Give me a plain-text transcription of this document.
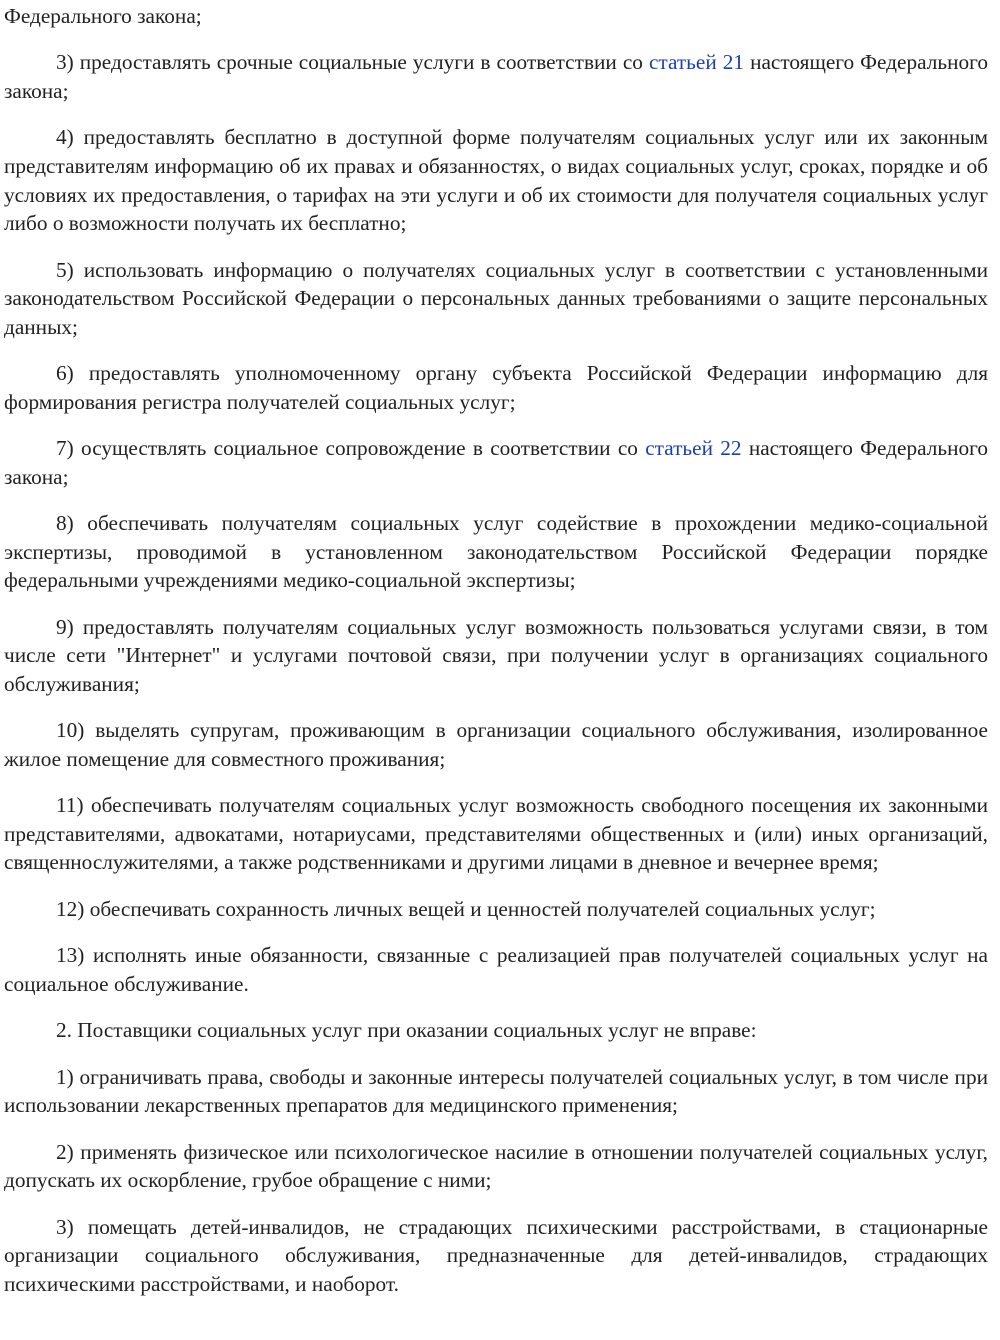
Федерального закона;

3) предоставлять срочные социальные услуги в соответствии со статьей 21 настоящего Федерального закона;

4) предоставлять бесплатно в доступной форме получателям социальных услуг или их законным представителям информацию об их правах и обязанностях, о видах социальных услуг, сроках, порядке и об условиях их предоставления, о тарифах на эти услуги и об их стоимости для получателя социальных услуг либо о возможности получать их бесплатно;

5) использовать информацию о получателях социальных услуг в соответствии с установленными законодательством Российской Федерации о персональных данных требованиями о защите персональных данных;

6) предоставлять уполномоченному органу субъекта Российской Федерации информацию для формирования регистра получателей социальных услуг;

7) осуществлять социальное сопровождение в соответствии со статьей 22 настоящего Федерального закона;

8) обеспечивать получателям социальных услуг содействие в прохождении медико-социальной экспертизы, проводимой в установленном законодательством Российской Федерации порядке федеральными учреждениями медико-социальной экспертизы;

9) предоставлять получателям социальных услуг возможность пользоваться услугами связи, в том числе сети "Интернет" и услугами почтовой связи, при получении услуг в организациях социального обслуживания;

10) выделять супругам, проживающим в организации социального обслуживания, изолированное жилое помещение для совместного проживания;

11) обеспечивать получателям социальных услуг возможность свободного посещения их законными представителями, адвокатами, нотариусами, представителями общественных и (или) иных организаций, священнослужителями, а также родственниками и другими лицами в дневное и вечернее время;

12) обеспечивать сохранность личных вещей и ценностей получателей социальных услуг;

13) исполнять иные обязанности, связанные с реализацией прав получателей социальных услуг на социальное обслуживание.

2. Поставщики социальных услуг при оказании социальных услуг не вправе:

1) ограничивать права, свободы и законные интересы получателей социальных услуг, в том числе при использовании лекарственных препаратов для медицинского применения;

2) применять физическое или психологическое насилие в отношении получателей социальных услуг, допускать их оскорбление, грубое обращение с ними;

3) помещать детей-инвалидов, не страдающих психическими расстройствами, в стационарные организации социального обслуживания, предназначенные для детей-инвалидов, страдающих психическими расстройствами, и наоборот.
